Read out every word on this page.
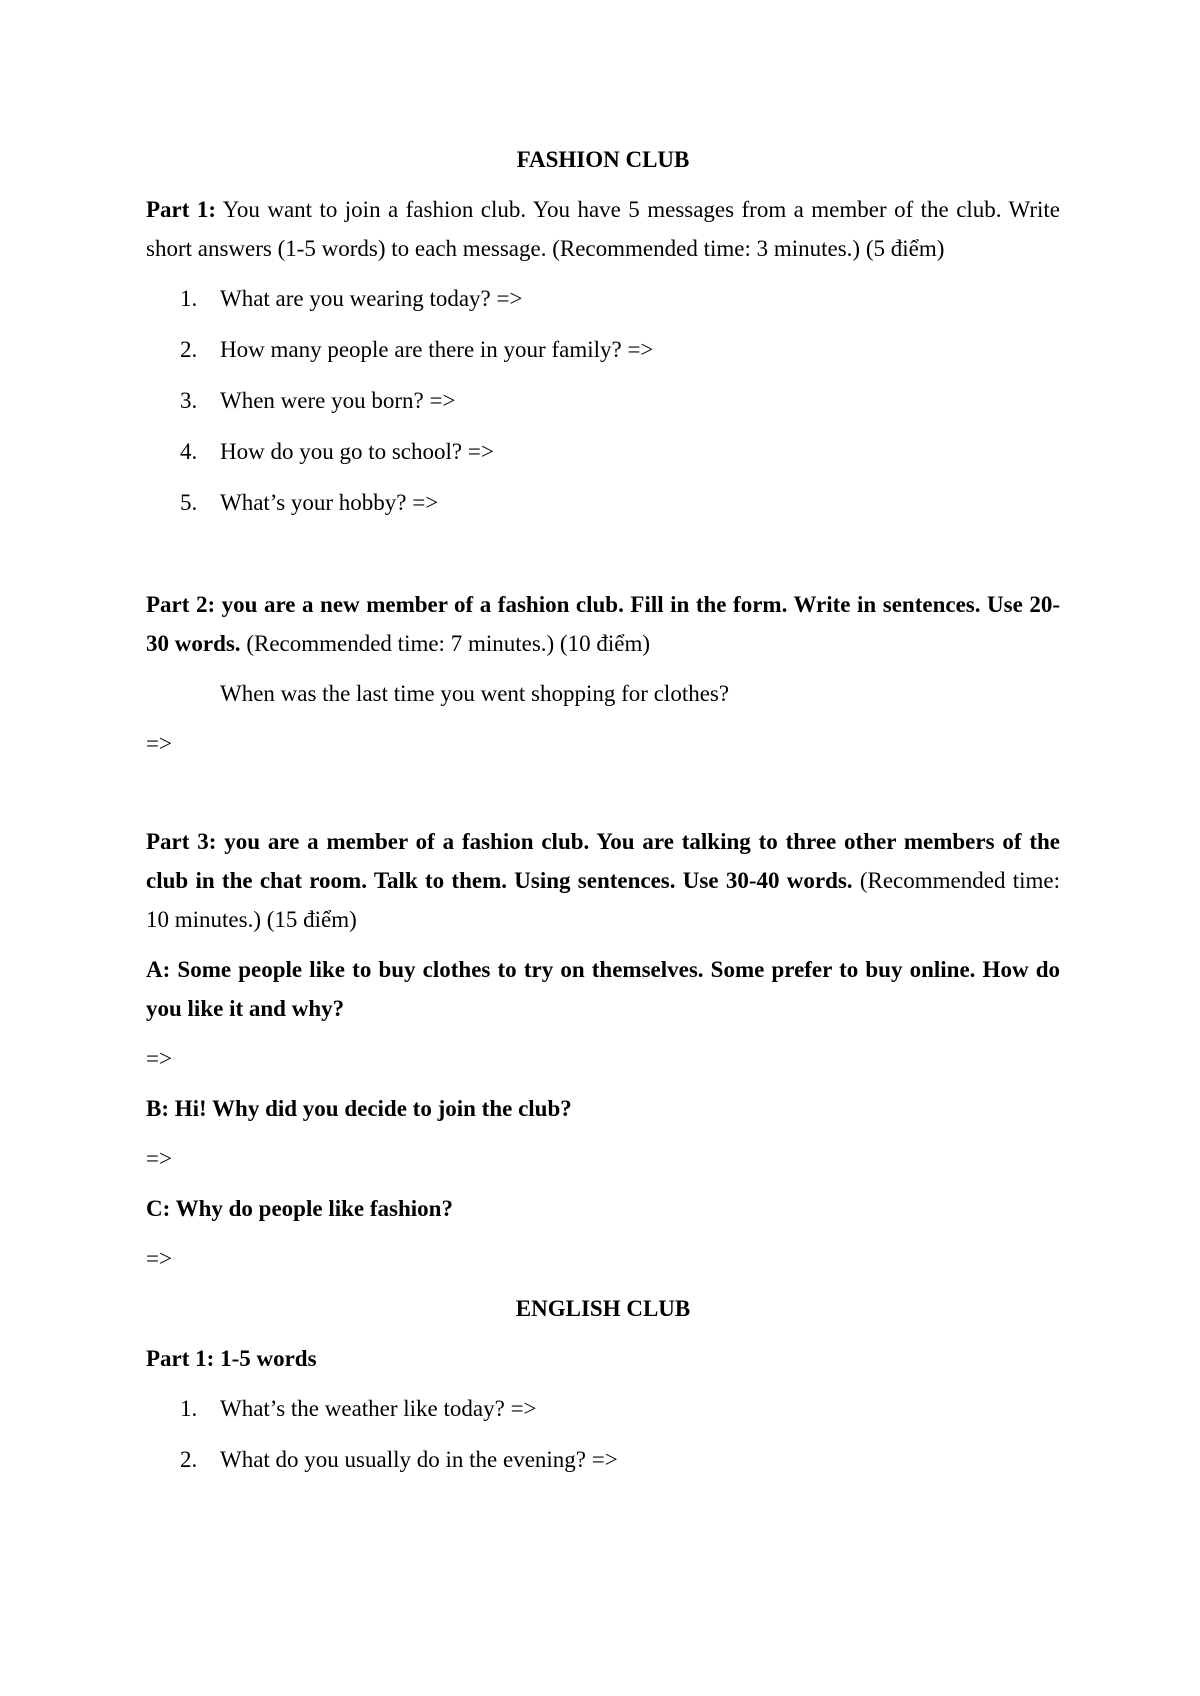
FASHION CLUB
Part 1: You want to join a fashion club. You have 5 messages from a member of the club. Write short answers (1-5 words) to each message. (Recommended time: 3 minutes.) (5 điểm)
1. What are you wearing today? =>
2. How many people are there in your family? =>
3. When were you born? =>
4. How do you go to school? =>
5. What’s your hobby? =>
Part 2: you are a new member of a fashion club. Fill in the form. Write in sentences. Use 20-30 words. (Recommended time: 7 minutes.) (10 điểm)
When was the last time you went shopping for clothes?
=>
Part 3: you are a member of a fashion club. You are talking to three other members of the club in the chat room. Talk to them. Using sentences. Use 30-40 words. (Recommended time: 10 minutes.) (15 điểm)
A: Some people like to buy clothes to try on themselves. Some prefer to buy online. How do you like it and why?
=>
B: Hi! Why did you decide to join the club?
=>
C: Why do people like fashion?
=>
ENGLISH CLUB
Part 1: 1-5 words
1. What’s the weather like today? =>
2. What do you usually do in the evening? =>
